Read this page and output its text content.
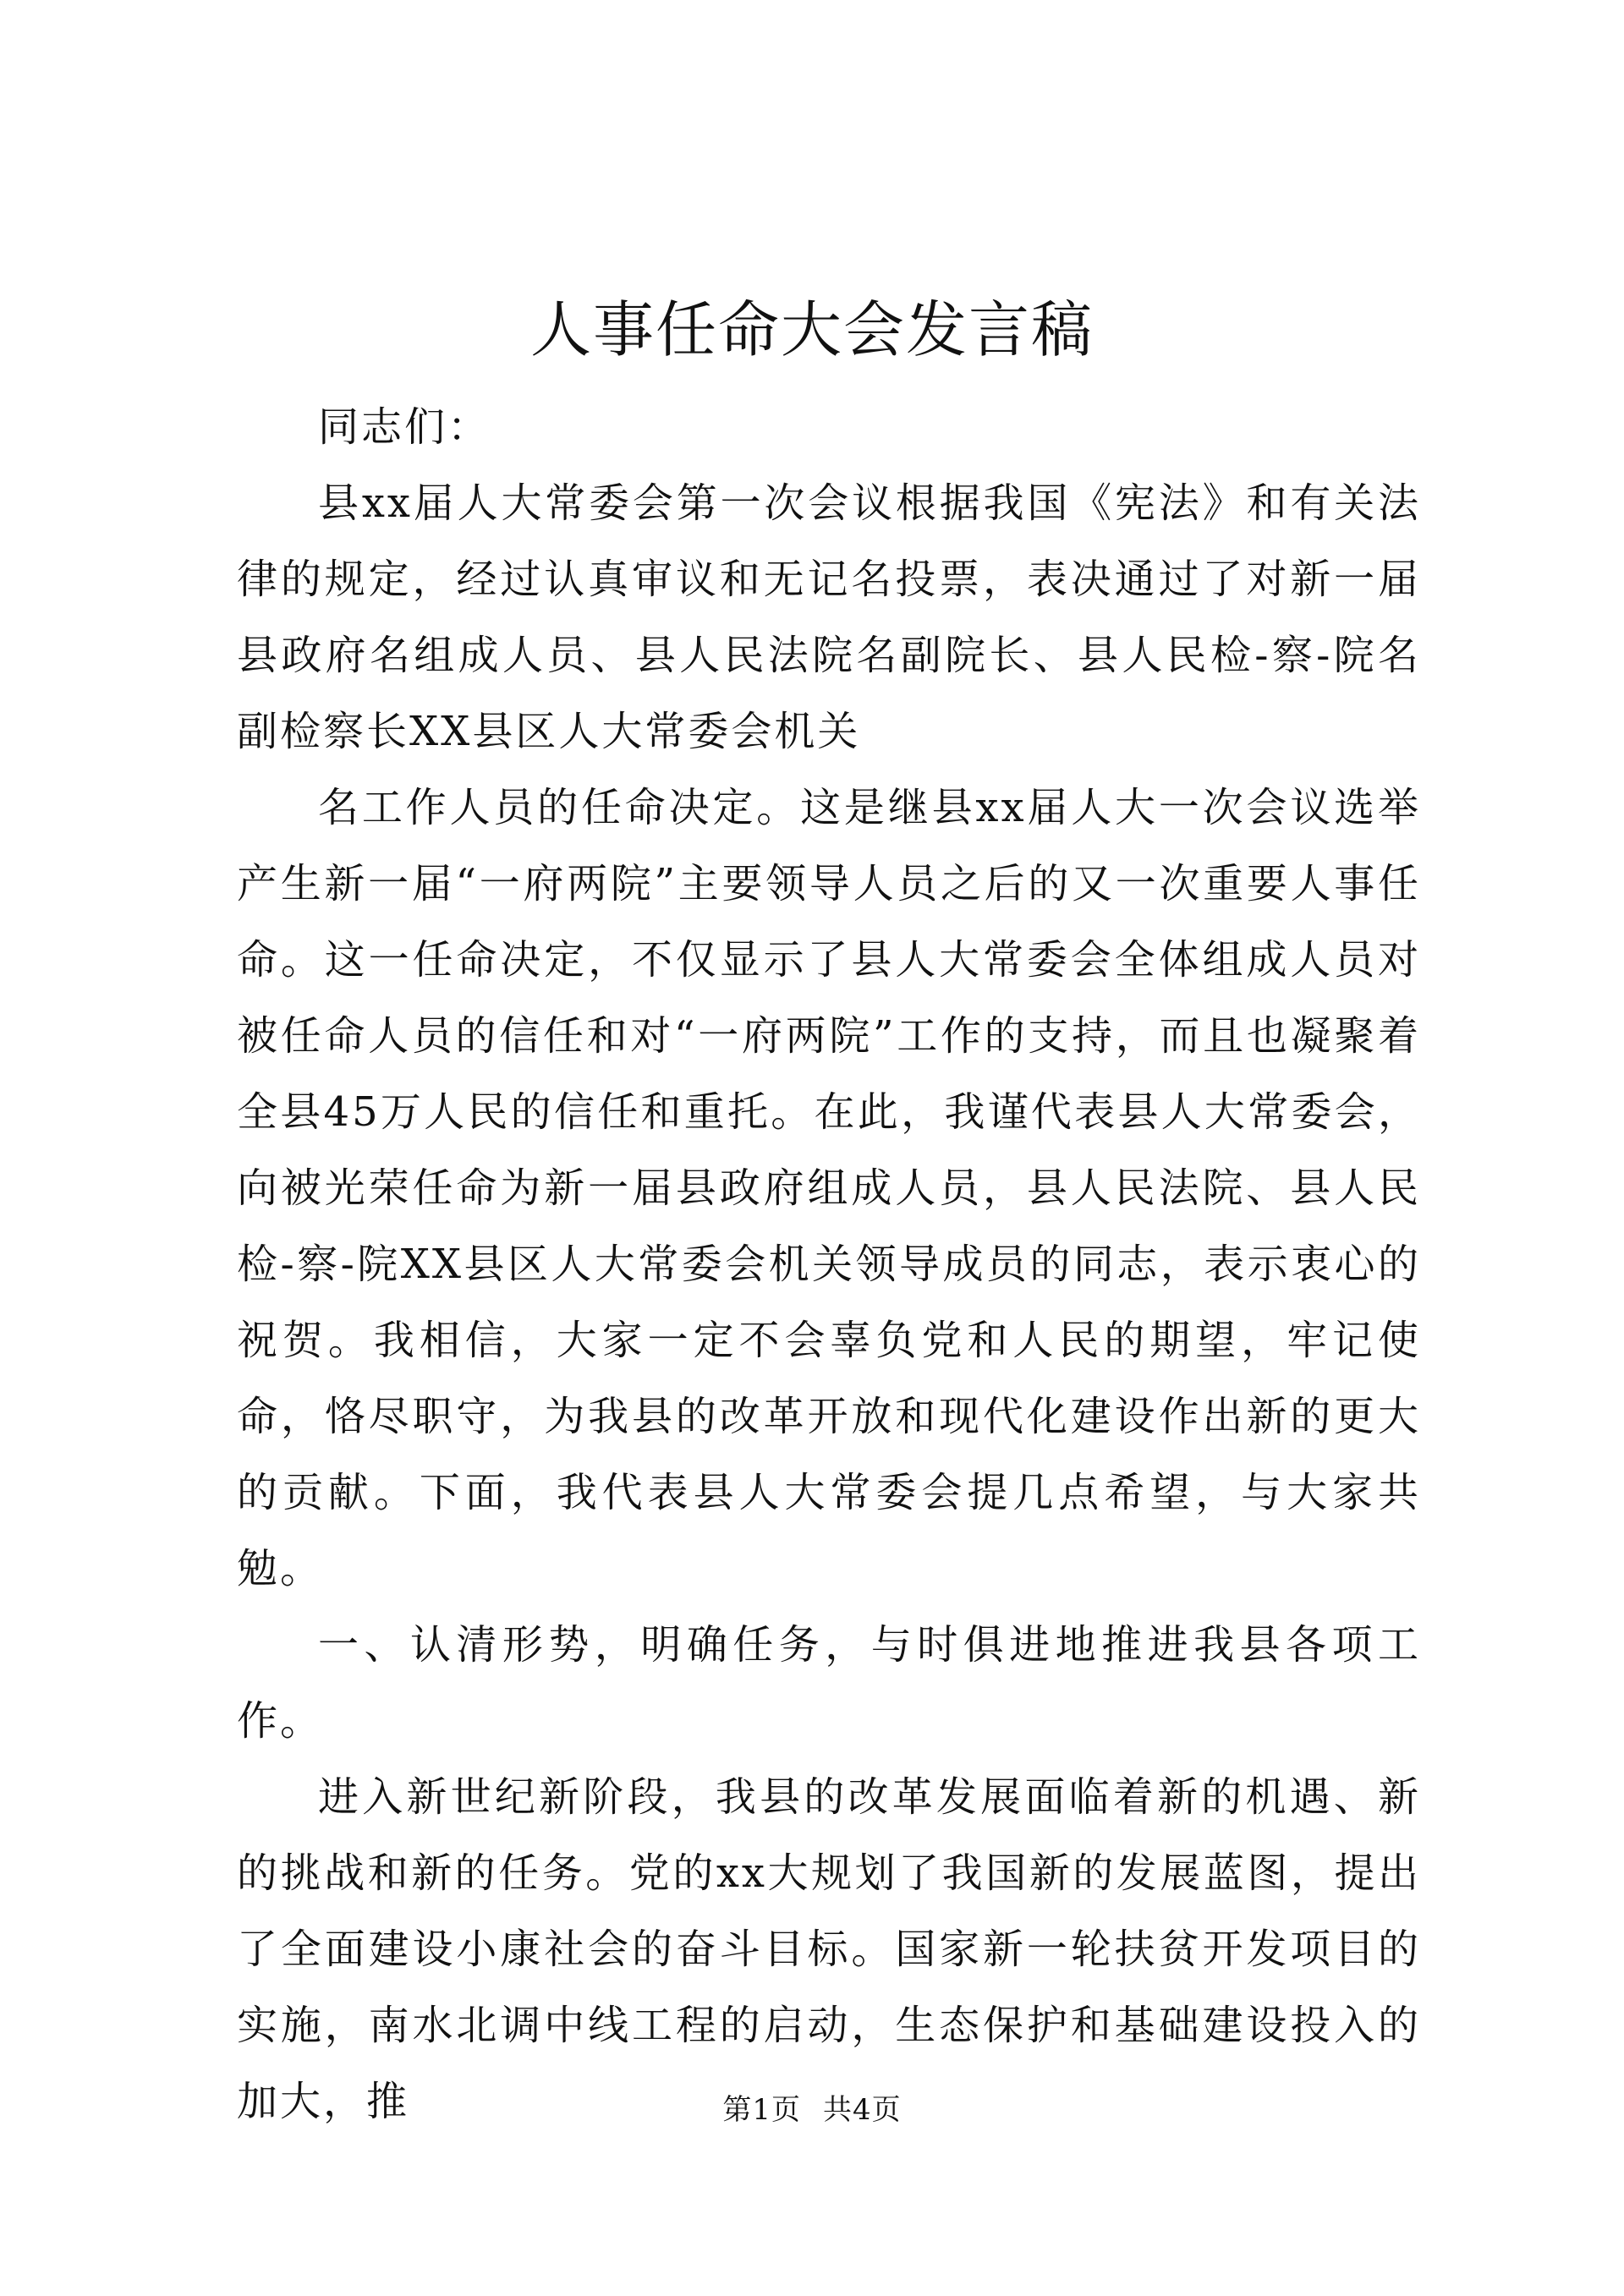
人事任命大会发言稿

同志们：

县xx届人大常委会第一次会议根据我国《宪法》和有关法律的规定，经过认真审议和无记名投票，表决通过了对新一届县政府名组成人员、县人民法院名副院长、县人民检-察-院名副检察长XX县区人大常委会机关

名工作人员的任命决定。这是继县xx届人大一次会议选举产生新一届“一府两院”主要领导人员之后的又一次重要人事任命。这一任命决定，不仅显示了县人大常委会全体组成人员对被任命人员的信任和对“一府两院”工作的支持，而且也凝聚着全县45万人民的信任和重托。在此，我谨代表县人大常委会，向被光荣任命为新一届县政府组成人员，县人民法院、县人民检-察-院XX县区人大常委会机关领导成员的同志，表示衷心的祝贺。我相信，大家一定不会辜负党和人民的期望，牢记使命，恪尽职守，为我县的改革开放和现代化建设作出新的更大的贡献。下面，我代表县人大常委会提几点希望，与大家共勉。

一、认清形势，明确任务，与时俱进地推进我县各项工作。

进入新世纪新阶段，我县的改革发展面临着新的机遇、新的挑战和新的任务。党的xx大规划了我国新的发展蓝图，提出了全面建设小康社会的奋斗目标。国家新一轮扶贫开发项目的实施，南水北调中线工程的启动，生态保护和基础建设投入的加大，推	第1页 共4页
